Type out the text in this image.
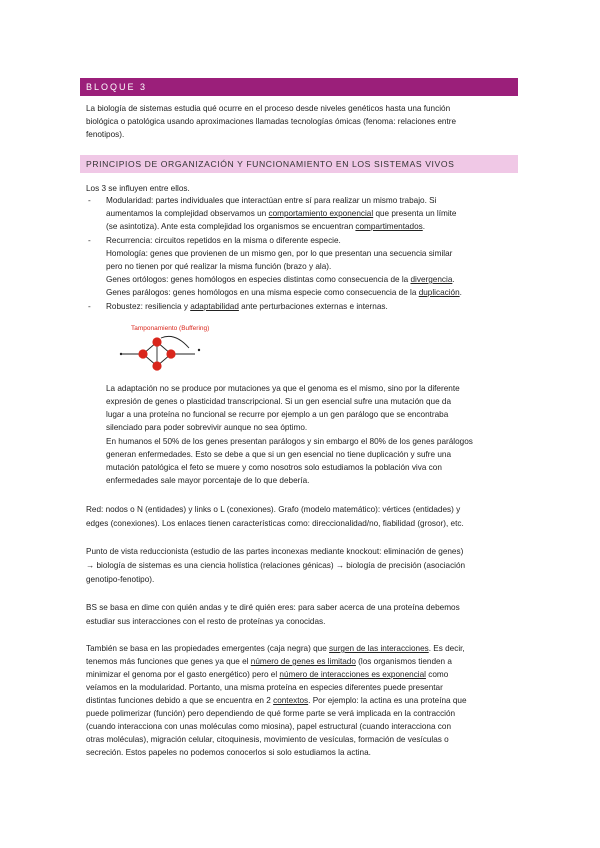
BLOQUE 3
La biología de sistemas estudia qué ocurre en el proceso desde niveles genéticos hasta una función
biológica o patológica usando aproximaciones llamadas tecnologías ómicas (fenoma: relaciones entre
fenotipos).
PRINCIPIOS DE ORGANIZACIÓN Y FUNCIONAMIENTO EN LOS SISTEMAS VIVOS
Los 3 se influyen entre ellos.
- Modularidad: partes individuales que interactúan entre sí para realizar un mismo trabajo. Si
aumentamos la complejidad observamos un comportamiento exponencial que presenta un límite
(se asintotiza). Ante esta complejidad los organismos se encuentran compartimentados.
- Recurrencia: circuitos repetidos en la misma o diferente especie.
Homología: genes que provienen de un mismo gen, por lo que presentan una secuencia similar
pero no tienen por qué realizar la misma función (brazo y ala).
Genes ortólogos: genes homólogos en especies distintas como consecuencia de la divergencia.
Genes parálogos: genes homólogos en una misma especie como consecuencia de la duplicación.
- Robustez: resiliencia y adaptabilidad ante perturbaciones externas e internas.
Tamponamiento (Buffering)
La adaptación no se produce por mutaciones ya que el genoma es el mismo, sino por la diferente
expresión de genes o plasticidad transcripcional. Si un gen esencial sufre una mutación que da
lugar a una proteína no funcional se recurre por ejemplo a un gen parálogo que se encontraba
silenciado para poder sobrevivir aunque no sea óptimo.
En humanos el 50% de los genes presentan parálogos y sin embargo el 80% de los genes parálogos
generan enfermedades. Esto se debe a que si un gen esencial no tiene duplicación y sufre una
mutación patológica el feto se muere y como nosotros solo estudiamos la población viva con
enfermedades sale mayor porcentaje de lo que debería.
Red: nodos o N (entidades) y links o L (conexiones). Grafo (modelo matemático): vértices (entidades) y
edges (conexiones). Los enlaces tienen características como: direccionalidad/no, fiabilidad (grosor), etc.
Punto de vista reduccionista (estudio de las partes inconexas mediante knockout: eliminación de genes)
→ biología de sistemas es una ciencia holística (relaciones génicas) → biología de precisión (asociación
genotipo-fenotipo).
BS se basa en dime con quién andas y te diré quién eres: para saber acerca de una proteína debemos
estudiar sus interacciones con el resto de proteínas ya conocidas.
También se basa en las propiedades emergentes (caja negra) que surgen de las interacciones. Es decir,
tenemos más funciones que genes ya que el número de genes es limitado (los organismos tienden a
minimizar el genoma por el gasto energético) pero el número de interacciones es exponencial como
veíamos en la modularidad. Portanto, una misma proteína en especies diferentes puede presentar
distintas funciones debido a que se encuentra en 2 contextos. Por ejemplo: la actina es una proteína que
puede polimerizar (función) pero dependiendo de qué forme parte se verá implicada en la contracción
(cuando interacciona con unas moléculas como miosina), papel estructural (cuando interacciona con
otras moléculas), migración celular, citoquinesis, movimiento de vesículas, formación de vesículas o
secreción. Estos papeles no podemos conocerlos si solo estudiamos la actina.
